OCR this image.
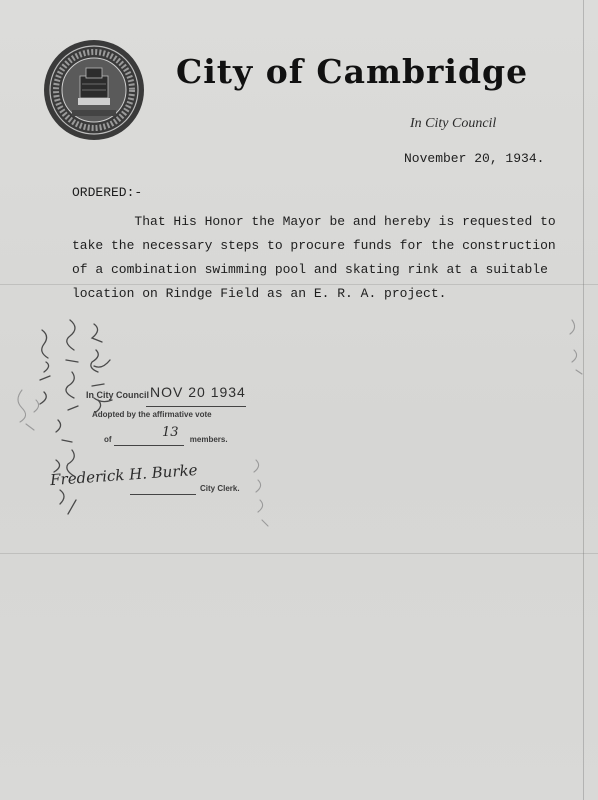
City of Cambridge
In City Council
November 20, 1934.
ORDERED:-
That His Honor the Mayor be and hereby is requested to
take the necessary steps to procure funds for the construction
of a combination swimming pool and skating rink at a suitable
location on Rindge Field as an E. R. A. project.
In City Council NOV 20 1934
Adopted by the affirmative vote
of	13 members.
City Clerk.
Frederick H. Burke
